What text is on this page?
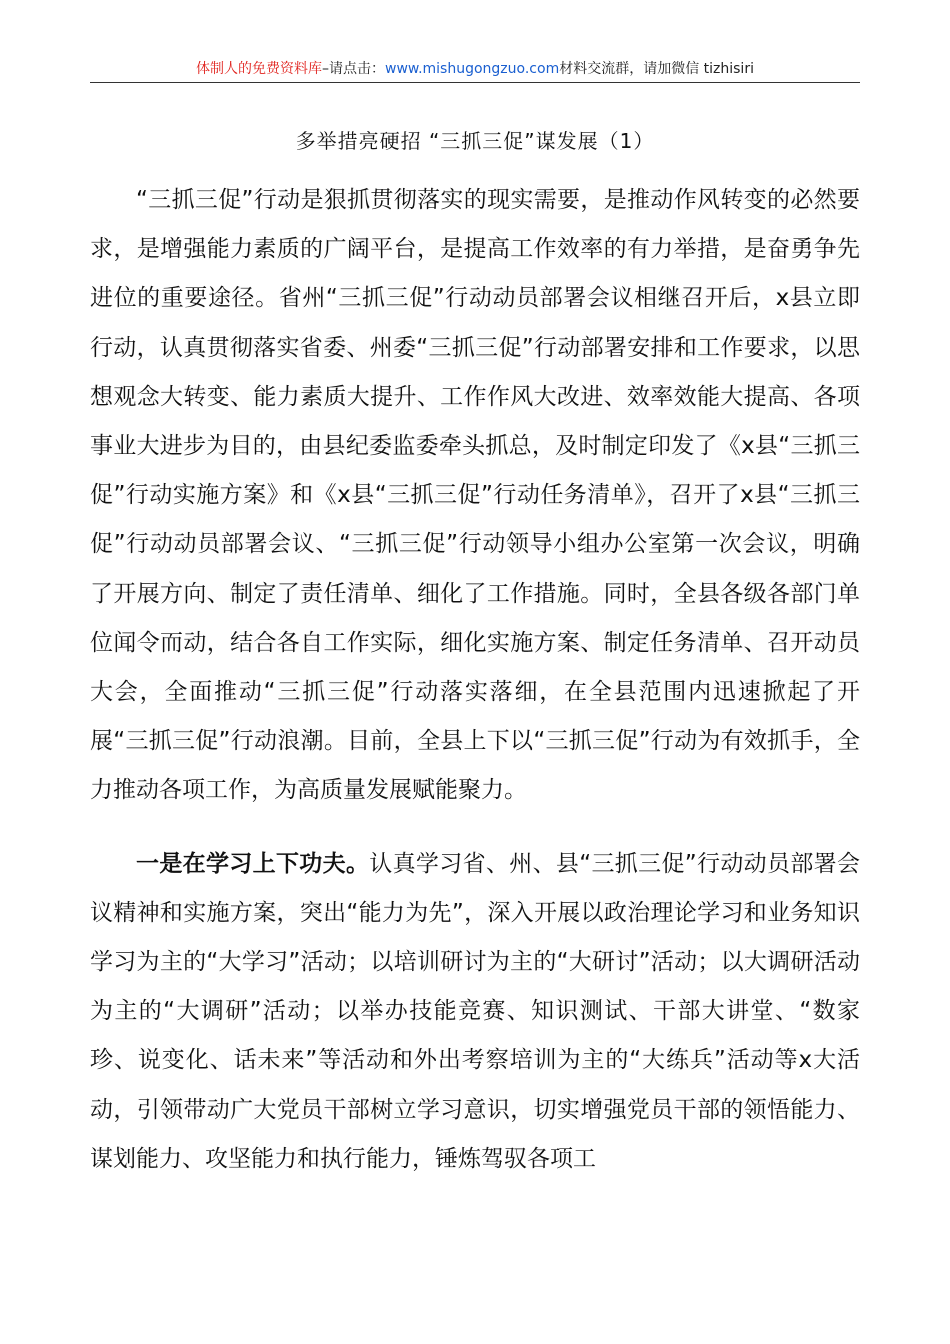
体制人的免费资料库–请点击：www.mishugongzuo.com材料交流群，请加微信 tizhisiri
多举措亮硬招 “三抓三促”谋发展（1）

“三抓三促”行动是狠抓贯彻落实的现实需要，是推动作风转变的必然要求，是增强能力素质的广阔平台，是提高工作效率的有力举措，是奋勇争先进位的重要途径。省州“三抓三促”行动动员部署会议相继召开后，x县立即行动，认真贯彻落实省委、州委“三抓三促”行动部署安排和工作要求，以思想观念大转变、能力素质大提升、工作作风大改进、效率效能大提高、各项事业大进步为目的，由县纪委监委牵头抓总，及时制定印发了《x县“三抓三促”行动实施方案》和《x县“三抓三促”行动任务清单》，召开了x县“三抓三促”行动动员部署会议、“三抓三促”行动领导小组办公室第一次会议，明确了开展方向、制定了责任清单、细化了工作措施。同时，全县各级各部门单位闻令而动，结合各自工作实际，细化实施方案、制定任务清单、召开动员大会，全面推动“三抓三促”行动落实落细，在全县范围内迅速掀起了开展“三抓三促”行动浪潮。目前，全县上下以“三抓三促”行动为有效抓手，全力推动各项工作，为高质量发展赋能聚力。

一是在学习上下功夫。认真学习省、州、县“三抓三促”行动动员部署会议精神和实施方案，突出“能力为先”，深入开展以政治理论学习和业务知识学习为主的“大学习”活动；以培训研讨为主的“大研讨”活动；以大调研活动为主的“大调研”活动；以举办技能竞赛、知识测试、干部大讲堂、“数家珍、说变化、话未来”等活动和外出考察培训为主的“大练兵”活动等x大活动，引领带动广大党员干部树立学习意识，切实增强党员干部的领悟能力、谋划能力、攻坚能力和执行能力，锤炼驾驭各项工
